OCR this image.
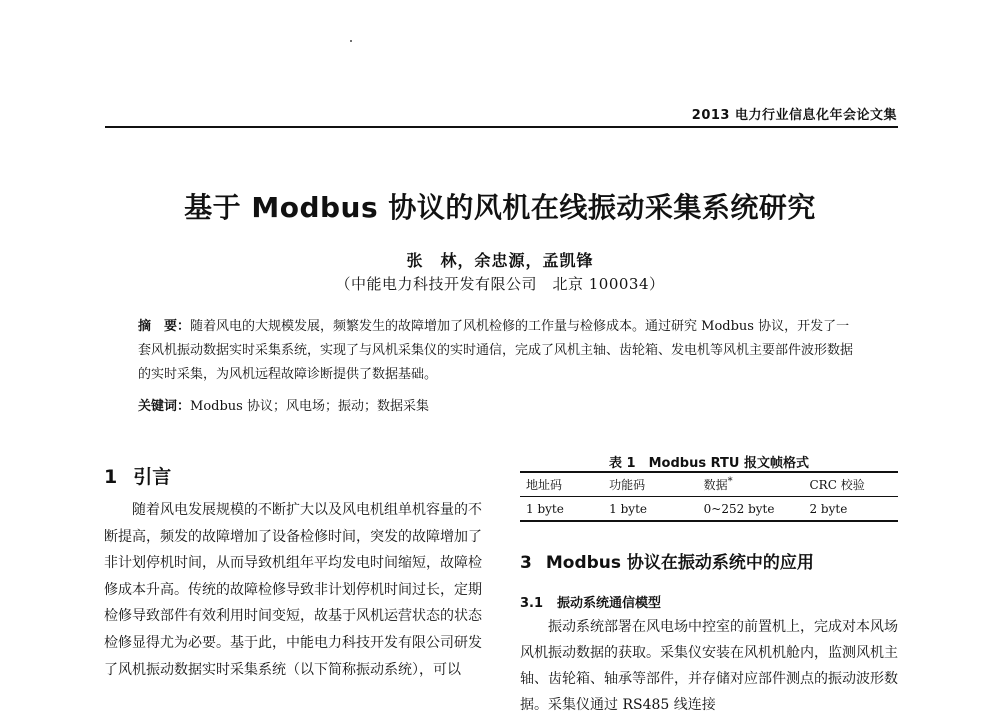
2013 电力行业信息化年会论文集
基于 Modbus 协议的风机在线振动采集系统研究
张　林，余忠源，孟凯锋
（中能电力科技开发有限公司　北京 100034）
摘　要：随着风电的大规模发展，频繁发生的故障增加了风机检修的工作量与检修成本。通过研究 Modbus 协议，开发了一套风机振动数据实时采集系统，实现了与风机采集仪的实时通信，完成了风机主轴、齿轮箱、发电机等风机主要部件波形数据的实时采集，为风机远程故障诊断提供了数据基础。
关键词：Modbus 协议；风电场；振动；数据采集
1 引言

随着风电发展规模的不断扩大以及风电机组单机容量的不断提高，频发的故障增加了设备检修时间，突发的故障增加了非计划停机时间，从而导致机组年平均发电时间缩短，故障检修成本升高。传统的故障检修导致非计划停机时间过长，定期检修导致部件有效利用时间变短，故基于风机运营状态的状态检修显得尤为必要。基于此，中能电力科技开发有限公司研发了风机振动数据实时采集系统（以下简称振动系统），可以

表 1　Modbus RTU 报文帧格式
地址码	功能码	数据*	CRC 校验
1 byte	1 byte	0~252 byte	2 byte
3 Modbus 协议在振动系统中的应用
3.1 振动系统通信模型

振动系统部署在风电场中控室的前置机上，完成对本风场风机振动数据的获取。采集仪安装在风机机舱内，监测风机主轴、齿轮箱、轴承等部件，并存储对应部件测点的振动波形数据。采集仪通过 RS485 线连接
